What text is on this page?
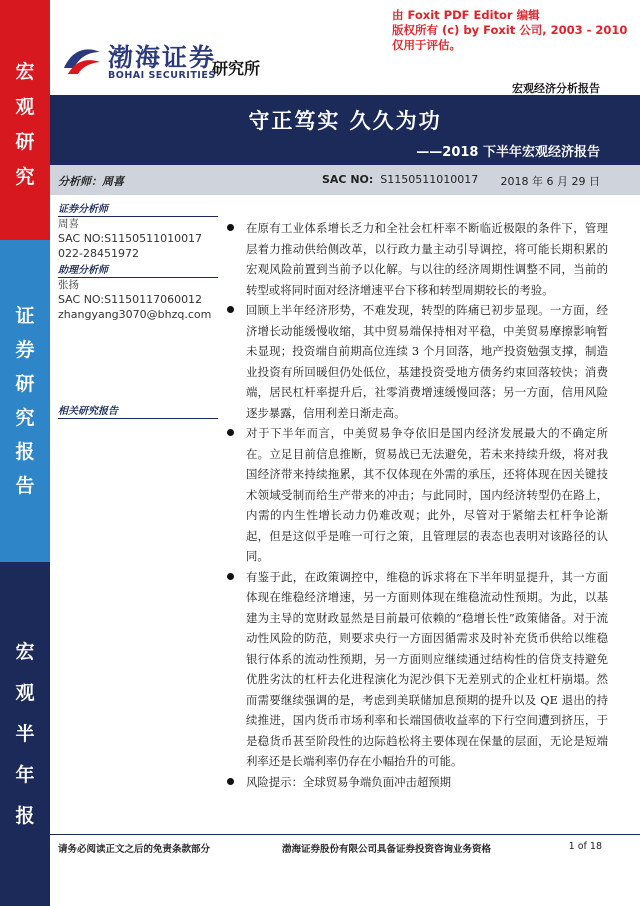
宏
观
研
究
证
券
研
究
报
告
宏
观
半
年
报
由 Foxit PDF Editor 编辑
版权所有 (c) by Foxit 公司, 2003 - 2010
仅用于评估。
渤海证券
BOHAI SECURITIES
研究所
宏观经济分析报告
守正笃实 久久为功
——2018 下半年宏观经济报告
分析师：周喜	SAC NO: S1150511010017 2018 年 6 月 29 日
证券分析师
周喜
SAC NO:S1150511010017
022-28451972
助理分析师
张扬
SAC NO:S1150117060012
zhangyang3070@bhzq.com
相关研究报告
在原有工业体系增长乏力和全社会杠杆率不断临近极限的条件下，管理层着力推动供给侧改革，以行政力量主动引导调控，将可能长期积累的宏观风险前置到当前予以化解。与以往的经济周期性调整不同，当前的转型或将同时面对经济增速平台下移和转型周期较长的考验。
回顾上半年经济形势，不难发现，转型的阵痛已初步显现。一方面，经济增长动能缓慢收缩，其中贸易端保持相对平稳，中美贸易摩擦影响暂未显现；投资端自前期高位连续 3 个月回落，地产投资勉强支撑，制造业投资有所回暖但仍处低位，基建投资受地方债务约束回落较快；消费端，居民杠杆率提升后，社零消费增速缓慢回落；另一方面，信用风险逐步暴露，信用利差日渐走高。
对于下半年而言，中美贸易争夺依旧是国内经济发展最大的不确定所在。立足目前信息推断，贸易战已无法避免，若未来持续升级，将对我国经济带来持续拖累，其不仅体现在外需的承压，还将体现在因关键技术领域受制而给生产带来的冲击；与此同时，国内经济转型仍在路上，内需的内生性增长动力仍难改观；此外，尽管对于紧缩去杠杆争论渐起，但是这似乎是唯一可行之策，且管理层的表态也表明对该路径的认同。
有鉴于此，在政策调控中，维稳的诉求将在下半年明显提升，其一方面体现在维稳经济增速，另一方面则体现在维稳流动性预期。为此，以基建为主导的宽财政显然是目前最可依赖的“稳增长性”政策储备。对于流动性风险的防范，则要求央行一方面因循需求及时补充货币供给以维稳银行体系的流动性预期，另一方面则应继续通过结构性的信贷支持避免优胜劣汰的杠杆去化进程演化为泥沙俱下无差别式的企业杠杆崩塌。然而需要继续强调的是，考虑到美联储加息预期的提升以及 QE 退出的持续推进，国内货币市场利率和长端国债收益率的下行空间遭到挤压，于是稳货币甚至阶段性的边际趋松将主要体现在保量的层面，无论是短端利率还是长端利率仍存在小幅抬升的可能。
风险提示：全球贸易争端负面冲击超预期
请务必阅读正文之后的免责条款部分	渤海证券股份有限公司具备证券投资咨询业务资格	1 of 18
